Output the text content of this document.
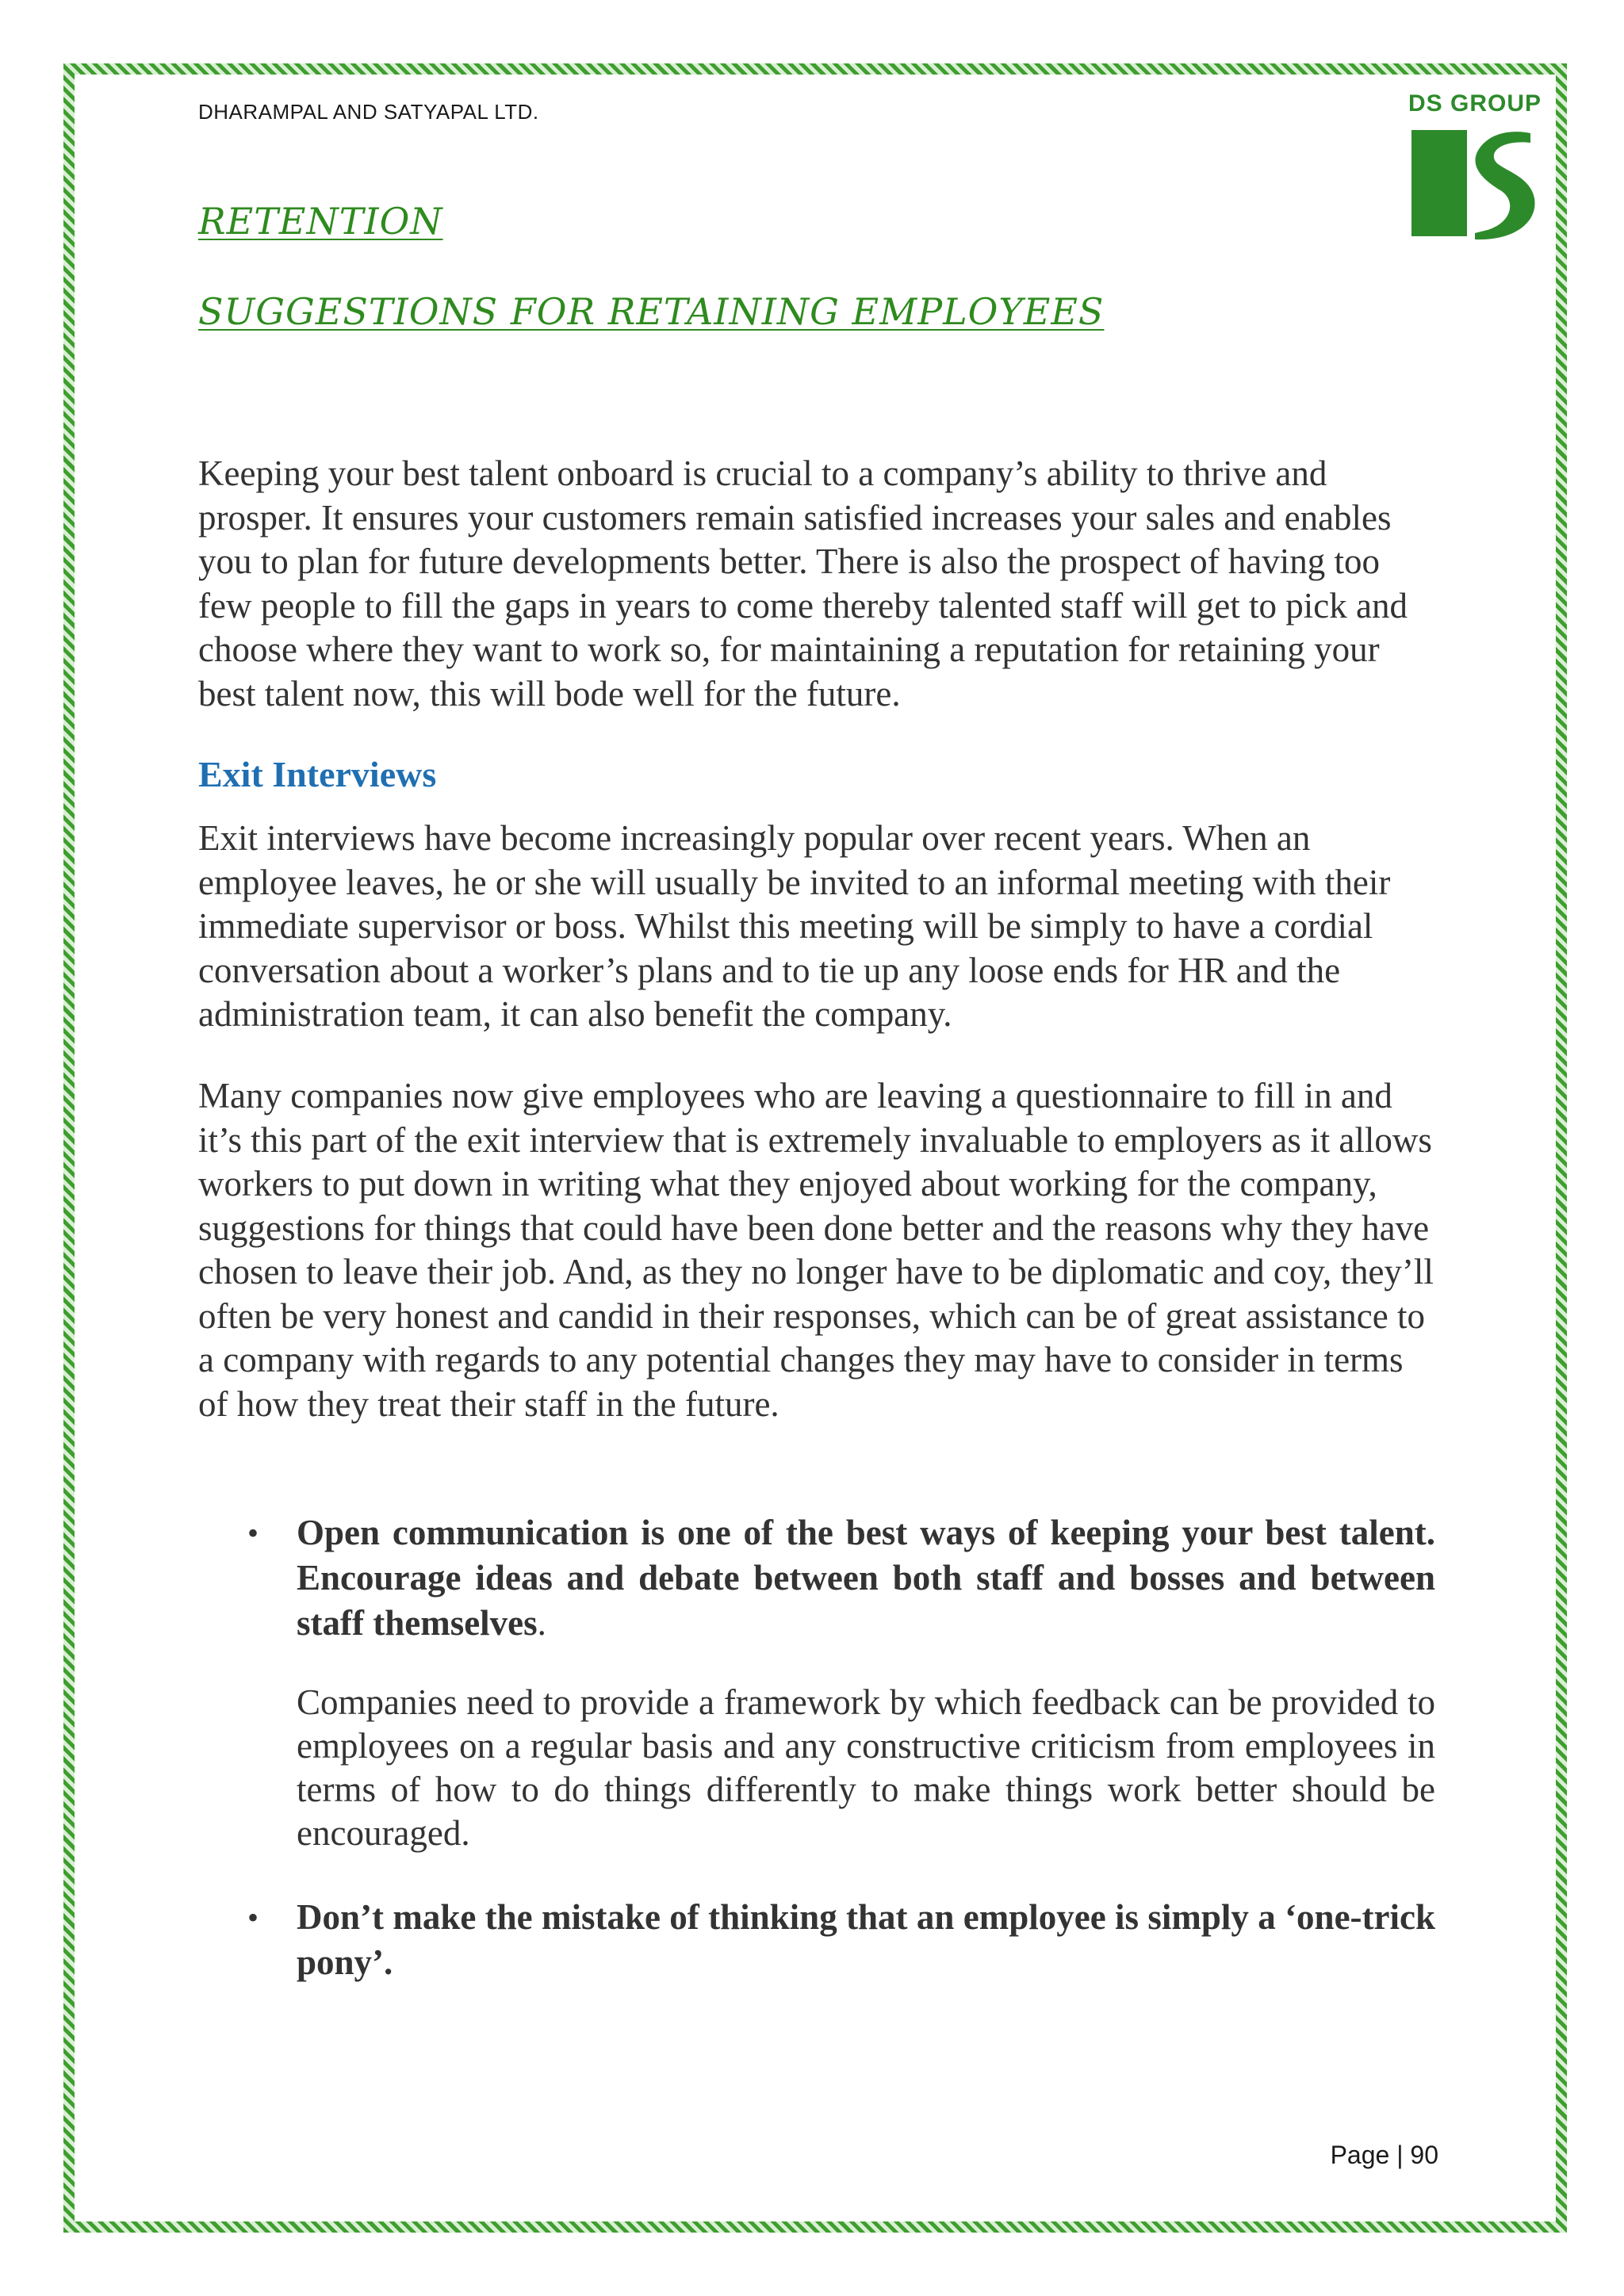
DHARAMPAL AND SATYAPAL LTD.	DS GROUP
RETENTION
SUGGESTIONS FOR RETAINING EMPLOYEES

Keeping your best talent onboard is crucial to a company’s ability to thrive and prosper. It ensures your customers remain satisfied increases your sales and enables you to plan for future developments better. There is also the prospect of having too few people to fill the gaps in years to come thereby talented staff will get to pick and choose where they want to work so, for maintaining a reputation for retaining your best talent now, this will bode well for the future.

Exit Interviews

Exit interviews have become increasingly popular over recent years. When an employee leaves, he or she will usually be invited to an informal meeting with their immediate supervisor or boss. Whilst this meeting will be simply to have a cordial conversation about a worker’s plans and to tie up any loose ends for HR and the administration team, it can also benefit the company.

Many companies now give employees who are leaving a questionnaire to fill in and it’s this part of the exit interview that is extremely invaluable to employers as it allows workers to put down in writing what they enjoyed about working for the company, suggestions for things that could have been done better and the reasons why they have chosen to leave their job. And, as they no longer have to be diplomatic and coy, they’ll often be very honest and candid in their responses, which can be of great assistance to a company with regards to any potential changes they may have to consider in terms of how they treat their staff in the future.

• Open communication is one of the best ways of keeping your best talent. Encourage ideas and debate between both staff and bosses and between staff themselves.

Companies need to provide a framework by which feedback can be provided to employees on a regular basis and any constructive criticism from employees in terms of how to do things differently to make things work better should be encouraged.

• Don’t make the mistake of thinking that an employee is simply a ‘one-trick pony’.

Page | 90
